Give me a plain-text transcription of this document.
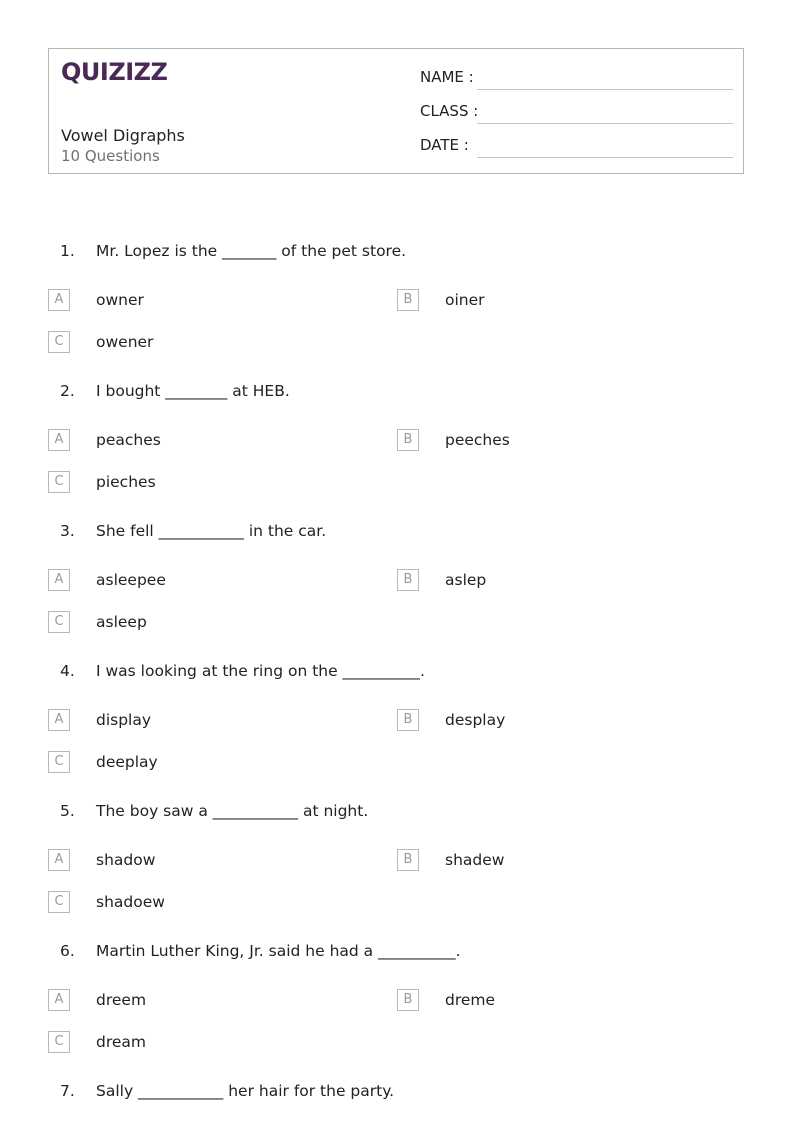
QUIZIZZ
Vowel Digraphs
10 Questions
NAME :
CLASS :
DATE :
1. Mr. Lopez is the _______ of the pet store.
A	owner	B	oiner
C	owener
2. I bought ________ at HEB.
A	peaches	B	peeches
C	pieches
3. She fell ___________ in the car.
A	asleepee	B	aslep
C	asleep
4. I was looking at the ring on the __________.
A	display	B	desplay
C	deeplay
5. The boy saw a ___________ at night.
A	shadow	B	shadew
C	shadoew
6. Martin Luther King, Jr. said he had a __________.
A	dreem	B	dreme
C	dream
7. Sally ___________ her hair for the party.
